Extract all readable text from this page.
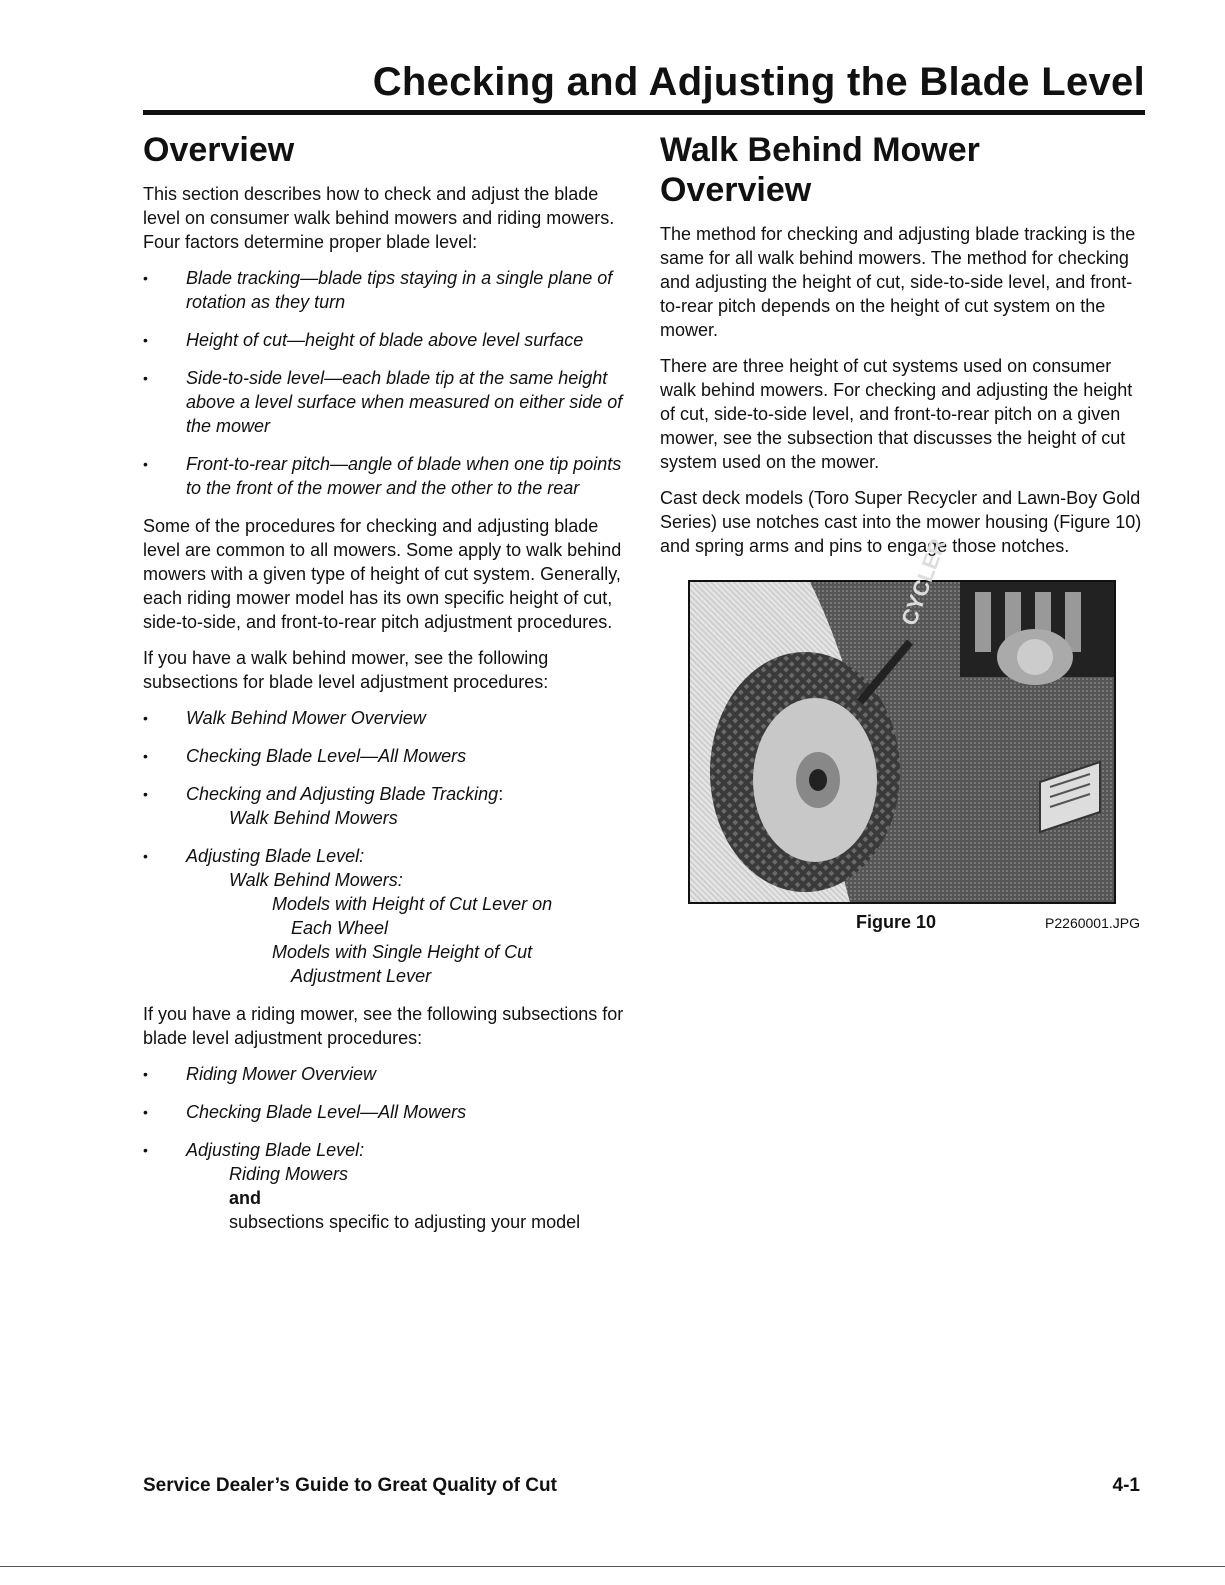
Checking and Adjusting the Blade Level
Overview

This section describes how to check and adjust the blade level on consumer walk behind mowers and riding mowers. Four factors determine proper blade level:

• Blade tracking—blade tips staying in a single plane of rotation as they turn
• Height of cut—height of blade above level surface
• Side-to-side level—each blade tip at the same height above a level surface when measured on either side of the mower
• Front-to-rear pitch—angle of blade when one tip points to the front of the mower and the other to the rear

Some of the procedures for checking and adjusting blade level are common to all mowers. Some apply to walk behind mowers with a given type of height of cut system. Generally, each riding mower model has its own specific height of cut, side-to-side, and front-to-rear pitch adjustment procedures.

If you have a walk behind mower, see the following subsections for blade level adjustment procedures:

• Walk Behind Mower Overview
• Checking Blade Level—All Mowers
• Checking and Adjusting Blade Tracking:
Walk Behind Mowers
• Adjusting Blade Level:
Walk Behind Mowers:
Models with Height of Cut Lever on
Each Wheel
Models with Single Height of Cut
Adjustment Lever

If you have a riding mower, see the following subsections for blade level adjustment procedures:

• Riding Mower Overview
• Checking Blade Level—All Mowers
• Adjusting Blade Level:
Riding Mowers
and
subsections specific to adjusting your model
Walk Behind Mower
Overview

The method for checking and adjusting blade tracking is the same for all walk behind mowers. The method for checking and adjusting the height of cut, side-to-side level, and front-to-rear pitch depends on the height of cut system on the mower.

There are three height of cut systems used on consumer walk behind mowers. For checking and adjusting the height of cut, side-to-side level, and front-to-rear pitch on a given mower, see the subsection that discusses the height of cut system used on the mower.

Cast deck models (Toro Super Recycler and Lawn-Boy Gold Series) use notches cast into the mower housing (Figure 10) and spring arms and pins to engage those notches.

CYCLER
Figure 10	P2260001.JPG
Service Dealer’s Guide to Great Quality of Cut	4-1
